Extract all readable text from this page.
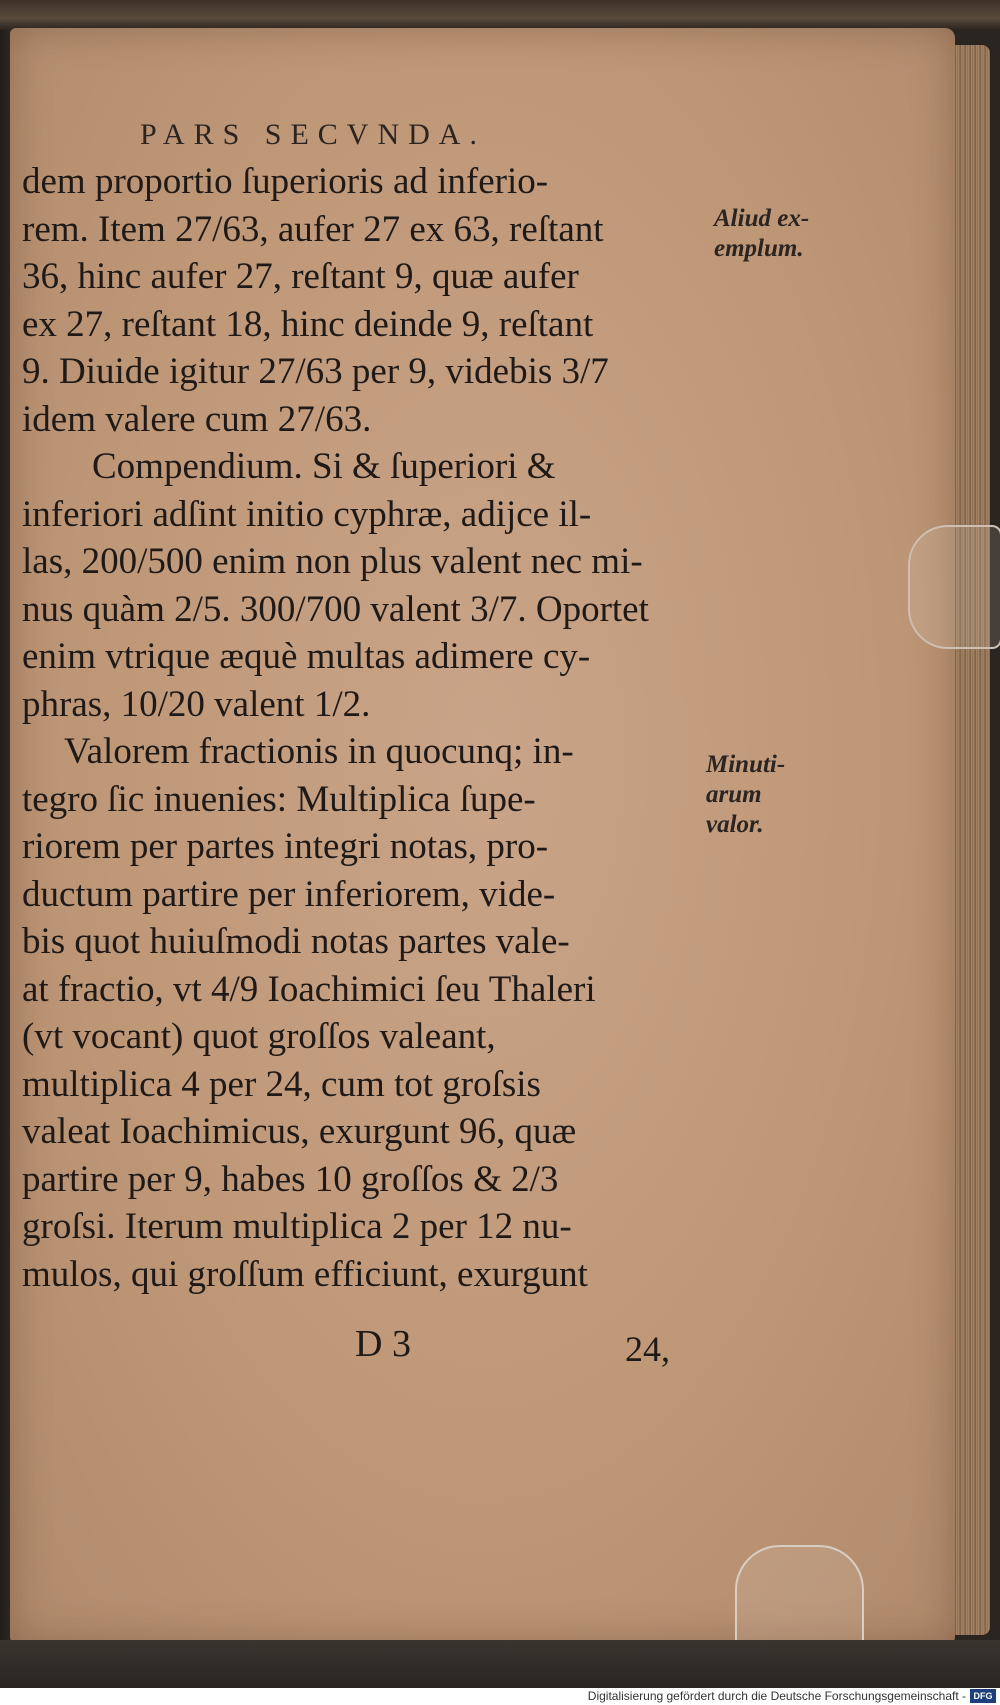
PARS SECVNDA.
dem proportio ſuperioris ad inferio-
rem. Item 27/63, aufer 27 ex 63, reſtant
36, hinc aufer 27, reſtant 9, quæ aufer
ex 27, reſtant 18, hinc deinde 9, reſtant
9. Diuide igitur 27/63 per 9, videbis 3/7
idem valere cum 27/63.
Compendium. Si & ſuperiori &
inferiori adſint initio cyphræ, adijce il-
las, 200/500 enim non plus valent nec mi-
nus quàm 2/5. 300/700 valent 3/7. Oportet
enim vtrique æquè multas adimere cy-
phras, 10/20 valent 1/2.
Valorem fractionis in quocunq; in-
tegro ſic inuenies: Multiplica ſupe-
riorem per partes integri notas, pro-
ductum partire per inferiorem, vide-
bis quot huiuſmodi notas partes vale-
at fractio, vt 4/9 Ioachimici ſeu Thaleri
(vt vocant) quot groſſos valeant,
multiplica 4 per 24, cum tot groſsis
valeat Ioachimicus, exurgunt 96, quæ
partire per 9, habes 10 groſſos & 2/3
groſsi. Iterum multiplica 2 per 12 nu-
mulos, qui groſſum efficiunt, exurgunt
Aliud ex-
emplum.
Minuti-
arum
valor.
D 3	24,
Digitalisierung gefördert durch die Deutsche Forschungsgemeinschaft - DFG
